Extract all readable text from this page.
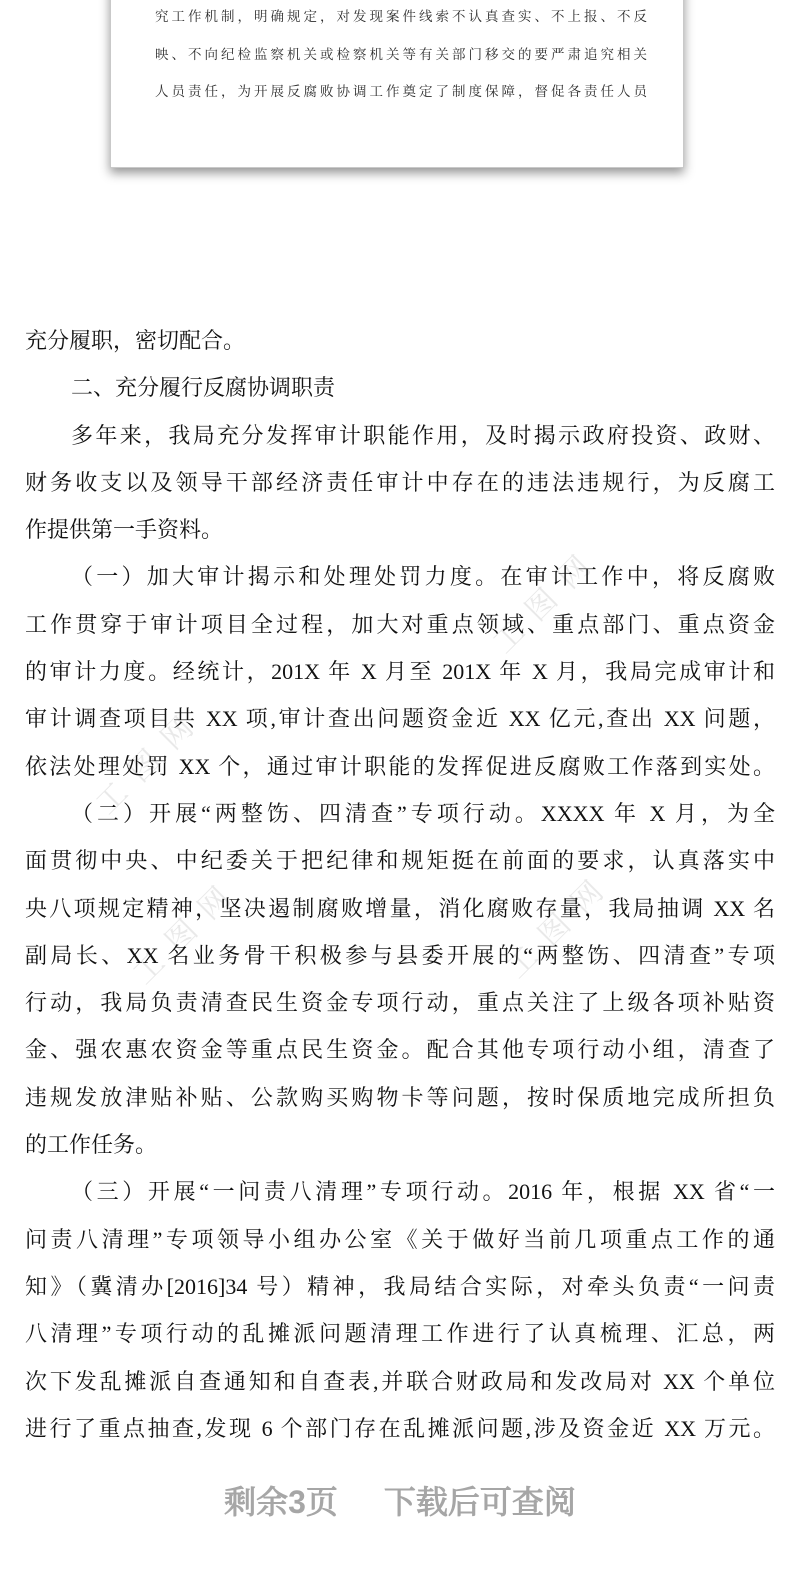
究工作机制，明确规定，对发现案件线索不认真查实、不上报、不反
映、不向纪检监察机关或检察机关等有关部门移交的要严肃追究相关
人员责任，为开展反腐败协调工作奠定了制度保障，督促各责任人员
工图网
工图网
工图网	工图网
充分履职，密切配合。
二、充分履行反腐协调职责
多年来，我局充分发挥审计职能作用，及时揭示政府投资、政财、
财务收支以及领导干部经济责任审计中存在的违法违规行，为反腐工
作提供第一手资料。
（一）加大审计揭示和处理处罚力度。在审计工作中，将反腐败
工作贯穿于审计项目全过程，加大对重点领域、重点部门、重点资金
的审计力度。经统计，201X 年 X 月至 201X 年 X 月，我局完成审计和
审计调查项目共 XX 项,审计查出问题资金近 XX 亿元,查出 XX 问题，
依法处理处罚 XX 个，通过审计职能的发挥促进反腐败工作落到实处。
（二）开展“两整饬、四清查”专项行动。XXXX 年 X 月，为全
面贯彻中央、中纪委关于把纪律和规矩挺在前面的要求，认真落实中
央八项规定精神，坚决遏制腐败增量，消化腐败存量，我局抽调 XX 名
副局长、XX 名业务骨干积极参与县委开展的“两整饬、四清查”专项
行动，我局负责清查民生资金专项行动，重点关注了上级各项补贴资
金、强农惠农资金等重点民生资金。配合其他专项行动小组，清查了
违规发放津贴补贴、公款购买购物卡等问题，按时保质地完成所担负
的工作任务。
（三）开展“一问责八清理”专项行动。2016 年，根据 XX 省“一
问责八清理”专项领导小组办公室《关于做好当前几项重点工作的通
知》（冀清办[2016]34 号）精神，我局结合实际，对牵头负责“一问责
八清理”专项行动的乱摊派问题清理工作进行了认真梳理、汇总，两
次下发乱摊派自查通知和自查表,并联合财政局和发改局对 XX 个单位
进行了重点抽查,发现 6 个部门存在乱摊派问题,涉及资金近 XX 万元。
剩余3页 下载后可查阅
